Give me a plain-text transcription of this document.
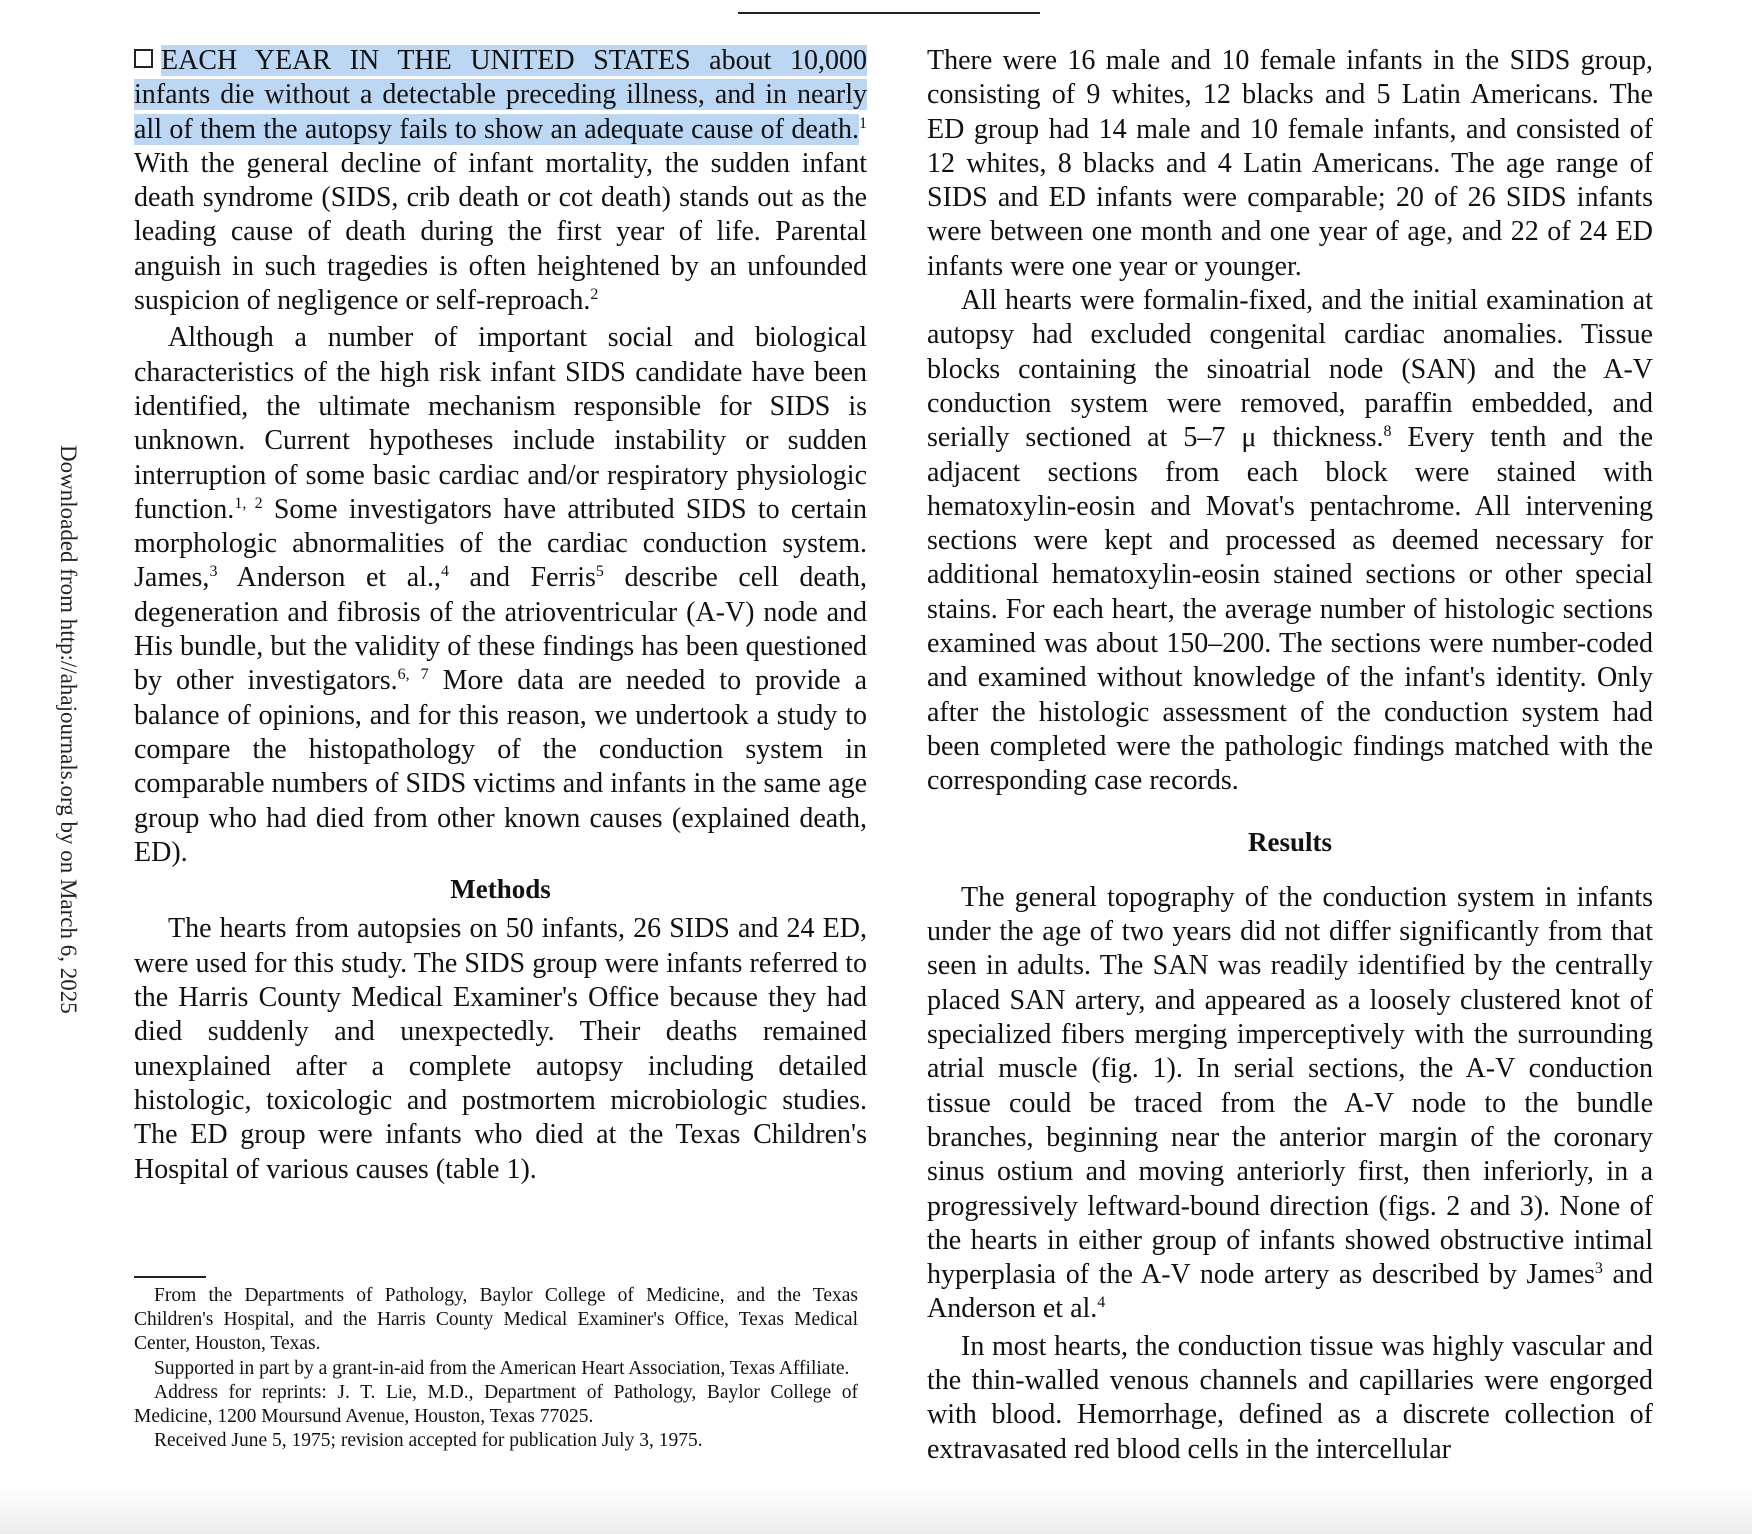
Downloaded from http://ahajournals.org by on March 6, 2025

EACH YEAR IN THE UNITED STATES about 10,000 infants die without a detectable preceding illness, and in nearly all of them the autopsy fails to show an adequate cause of death.$^1$ With the general decline of infant mortality, the sudden infant death syndrome (SIDS, crib death or cot death) stands out as the leading cause of death during the first year of life. Parental anguish in such tragedies is often heightened by an unfounded suspicion of negligence or self-reproach.$^2$

Although a number of important social and biological characteristics of the high risk infant SIDS candidate have been identified, the ultimate mechanism responsible for SIDS is unknown. Current hypotheses include instability or sudden interruption of some basic cardiac and/or respiratory physiologic function.$^{1, 2}$ Some investigators have attributed SIDS to certain morphologic abnormalities of the cardiac conduction system. James,$^3$ Anderson et al.,$^4$ and Ferris$^5$ describe cell death, degeneration and fibrosis of the atrioventricular (A-V) node and His bundle, but the validity of these findings has been questioned by other investigators.$^{6, 7}$ More data are needed to provide a balance of opinions, and for this reason, we undertook a study to compare the histopathology of the conduction system in comparable numbers of SIDS victims and infants in the same age group who had died from other known causes (explained death, ED).

Methods

The hearts from autopsies on 50 infants, 26 SIDS and 24 ED, were used for this study. The SIDS group were infants referred to the Harris County Medical Examiner's Office because they had died suddenly and unexpectedly. Their deaths remained unexplained after a complete autopsy including detailed histologic, toxicologic and postmortem microbiologic studies. The ED group were infants who died at the Texas Children's Hospital of various causes (table 1).

There were 16 male and 10 female infants in the SIDS group, consisting of 9 whites, 12 blacks and 5 Latin Americans. The ED group had 14 male and 10 female infants, and consisted of 12 whites, 8 blacks and 4 Latin Americans. The age range of SIDS and ED infants were comparable; 20 of 26 SIDS infants were between one month and one year of age, and 22 of 24 ED infants were one year or younger.

All hearts were formalin-fixed, and the initial examination at autopsy had excluded congenital cardiac anomalies. Tissue blocks containing the sinoatrial node (SAN) and the A-V conduction system were removed, paraffin embedded, and serially sectioned at 5–7 μ thickness.$^8$ Every tenth and the adjacent sections from each block were stained with hematoxylin-eosin and Movat's pentachrome. All intervening sections were kept and processed as deemed necessary for additional hematoxylin-eosin stained sections or other special stains. For each heart, the average number of histologic sections examined was about 150–200. The sections were number-coded and examined without knowledge of the infant's identity. Only after the histologic assessment of the conduction system had been completed were the pathologic findings matched with the corresponding case records.

Results

The general topography of the conduction system in infants under the age of two years did not differ significantly from that seen in adults. The SAN was readily identified by the centrally placed SAN artery, and appeared as a loosely clustered knot of specialized fibers merging imperceptively with the surrounding atrial muscle (fig. 1). In serial sections, the A-V conduction tissue could be traced from the A-V node to the bundle branches, beginning near the anterior margin of the coronary sinus ostium and moving anteriorly first, then inferiorly, in a progressively leftward-bound direction (figs. 2 and 3). None of the hearts in either group of infants showed obstructive intimal hyperplasia of the A-V node artery as described by James$^3$ and Anderson et al.$^4$

In most hearts, the conduction tissue was highly vascular and the thin-walled venous channels and capillaries were engorged with blood. Hemorrhage, defined as a discrete collection of extravasated red blood cells in the intercellular

From the Departments of Pathology, Baylor College of Medicine, and the Texas Children's Hospital, and the Harris County Medical Examiner's Office, Texas Medical Center, Houston, Texas.

Supported in part by a grant-in-aid from the American Heart Association, Texas Affiliate.

Address for reprints: J. T. Lie, M.D., Department of Pathology, Baylor College of Medicine, 1200 Moursund Avenue, Houston, Texas 77025.

Received June 5, 1975; revision accepted for publication July 3, 1975.
